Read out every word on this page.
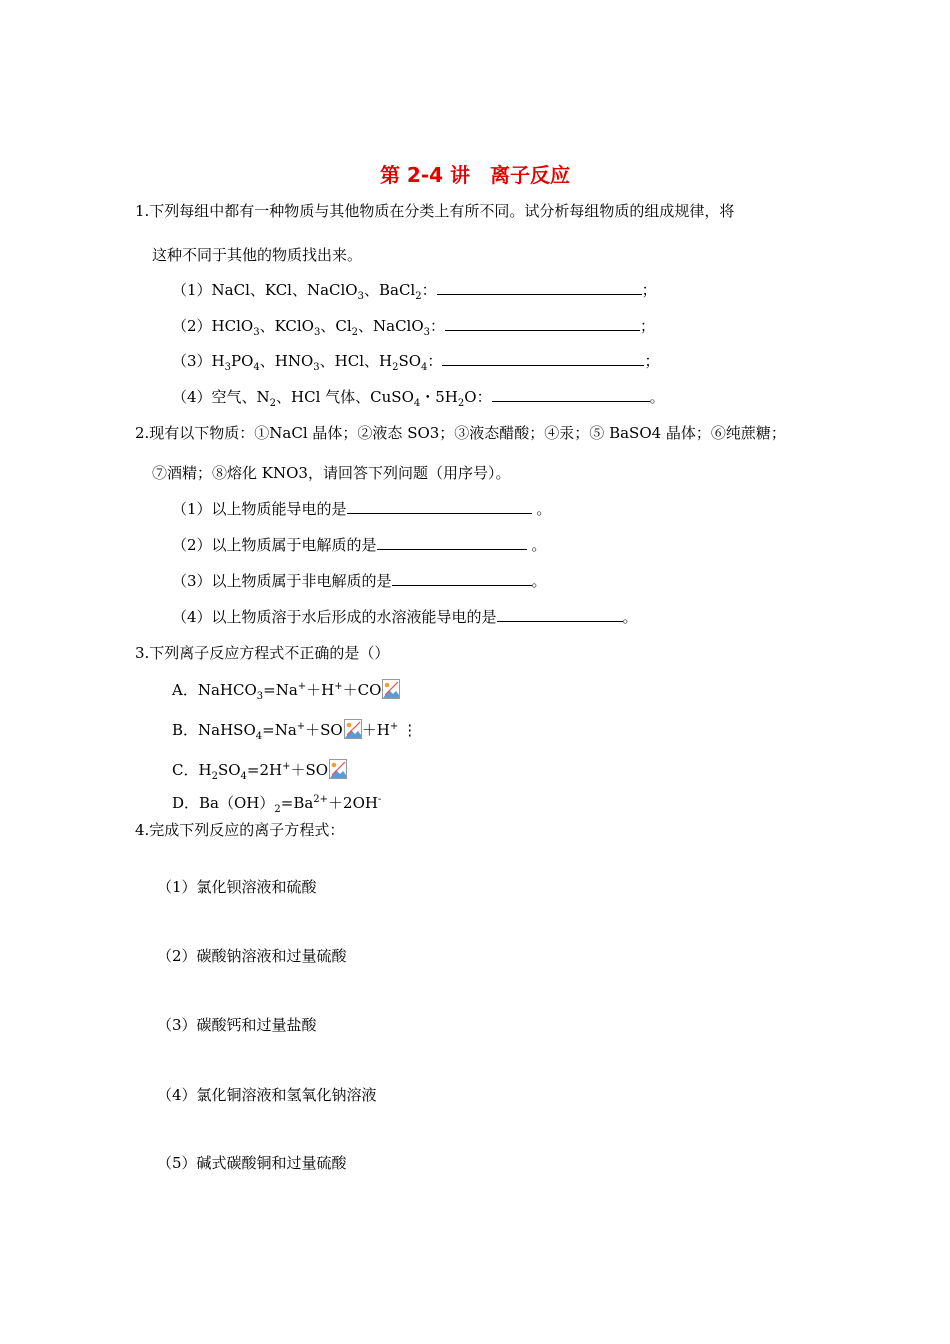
第 2-4 讲　离子反应
1.下列每组中都有一种物质与其他物质在分类上有所不同。试分析每组物质的组成规律，将
这种不同于其他的物质找出来。
（1）NaCl、KCl、NaClO$_3$、BaCl$_2$：	；
（2）HClO$_3$、KClO$_3$、$Cl_2$、NaClO$_3$：	；
$(3)H_3PO_4$、$HNO_3$、HCl、$H_2SO_4$：	；
（4）空气、$N_2$、HCl 气体、CuSO$_4$・$5H_2O$：	。
2.现有以下物质：①NaCl 晶体；②液态 SO3；③液态醋酸；④汞；⑤ BaSO4 晶体；⑥纯蔗糖；
⑦酒精；⑧熔化 KNO3，请回答下列问题（用序号）。
（1）以上物质能导电的是	。
（2）以上物质属于电解质的是	。
（3）以上物质属于非电解质的是	。
（4）以上物质溶于水后形成的水溶液能导电的是	。
3.下列离子反应方程式不正确的是（）
A．NaHCO$_3$=Na+＋H+＋CO
B．NaHSO$_4$=Na+＋SO ＋H+ ⋮
C．$H_2SO_4=2H^++SO$
D．$Ba(OH)_2=Ba^{2+}+2OH^-$
4.完成下列反应的离子方程式：
（1）氯化钡溶液和硫酸
（2）碳酸钠溶液和过量硫酸
（3）碳酸钙和过量盐酸
（4）氯化铜溶液和氢氧化钠溶液
（5）碱式碳酸铜和过量硫酸
